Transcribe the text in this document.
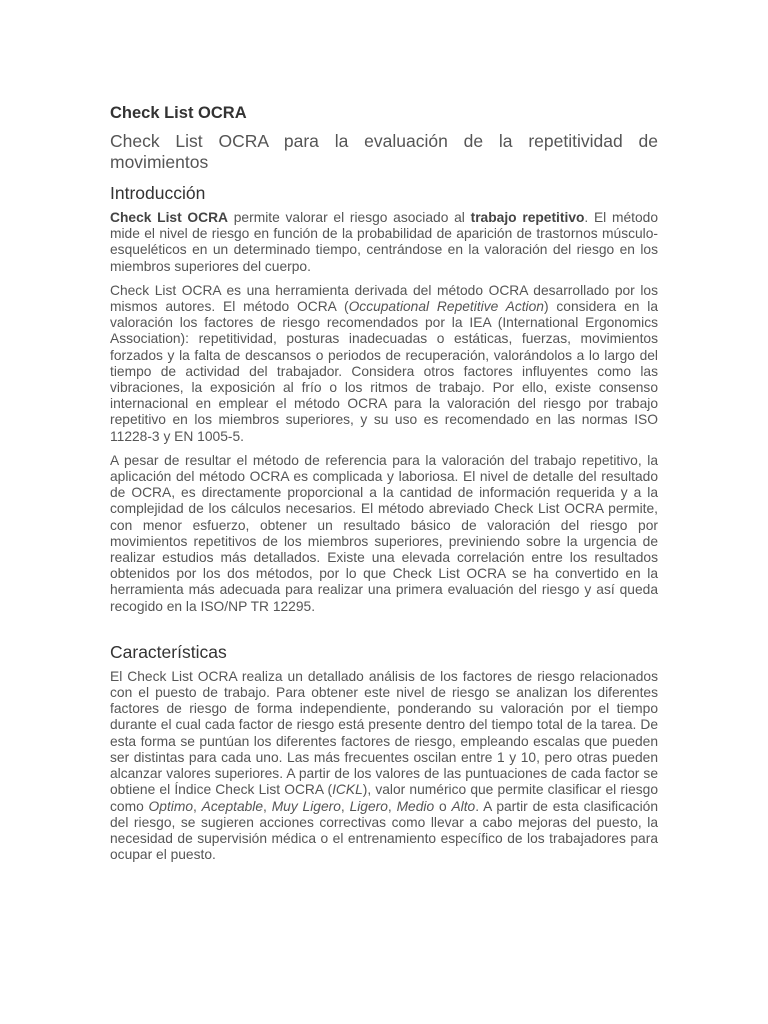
Check List OCRA
Check List OCRA para la evaluación de la repetitividad de movimientos
Introducción

Check List OCRA permite valorar el riesgo asociado al trabajo repetitivo. El método mide el nivel de riesgo en función de la probabilidad de aparición de trastornos músculo-esqueléticos en un determinado tiempo, centrándose en la valoración del riesgo en los miembros superiores del cuerpo.

Check List OCRA es una herramienta derivada del método OCRA desarrollado por los mismos autores. El método OCRA (Occupational Repetitive Action) considera en la valoración los factores de riesgo recomendados por la IEA (International Ergonomics Association): repetitividad, posturas inadecuadas o estáticas, fuerzas, movimientos forzados y la falta de descansos o periodos de recuperación, valorándolos a lo largo del tiempo de actividad del trabajador. Considera otros factores influyentes como las vibraciones, la exposición al frío o los ritmos de trabajo. Por ello, existe consenso internacional en emplear el método OCRA para la valoración del riesgo por trabajo repetitivo en los miembros superiores, y su uso es recomendado en las normas ISO 11228-3 y EN 1005-5.

A pesar de resultar el método de referencia para la valoración del trabajo repetitivo, la aplicación del método OCRA es complicada y laboriosa. El nivel de detalle del resultado de OCRA, es directamente proporcional a la cantidad de información requerida y a la complejidad de los cálculos necesarios. El método abreviado Check List OCRA permite, con menor esfuerzo, obtener un resultado básico de valoración del riesgo por movimientos repetitivos de los miembros superiores, previniendo sobre la urgencia de realizar estudios más detallados. Existe una elevada correlación entre los resultados obtenidos por los dos métodos, por lo que Check List OCRA se ha convertido en la herramienta más adecuada para realizar una primera evaluación del riesgo y así queda recogido en la ISO/NP TR 12295.

Características

El Check List OCRA realiza un detallado análisis de los factores de riesgo relacionados con el puesto de trabajo. Para obtener este nivel de riesgo se analizan los diferentes factores de riesgo de forma independiente, ponderando su valoración por el tiempo durante el cual cada factor de riesgo está presente dentro del tiempo total de la tarea. De esta forma se puntúan los diferentes factores de riesgo, empleando escalas que pueden ser distintas para cada uno. Las más frecuentes oscilan entre 1 y 10, pero otras pueden alcanzar valores superiores. A partir de los valores de las puntuaciones de cada factor se obtiene el Índice Check List OCRA (ICKL), valor numérico que permite clasificar el riesgo como Optimo, Aceptable, Muy Ligero, Ligero, Medio o Alto. A partir de esta clasificación del riesgo, se sugieren acciones correctivas como llevar a cabo mejoras del puesto, la necesidad de supervisión médica o el entrenamiento específico de los trabajadores para ocupar el puesto.
